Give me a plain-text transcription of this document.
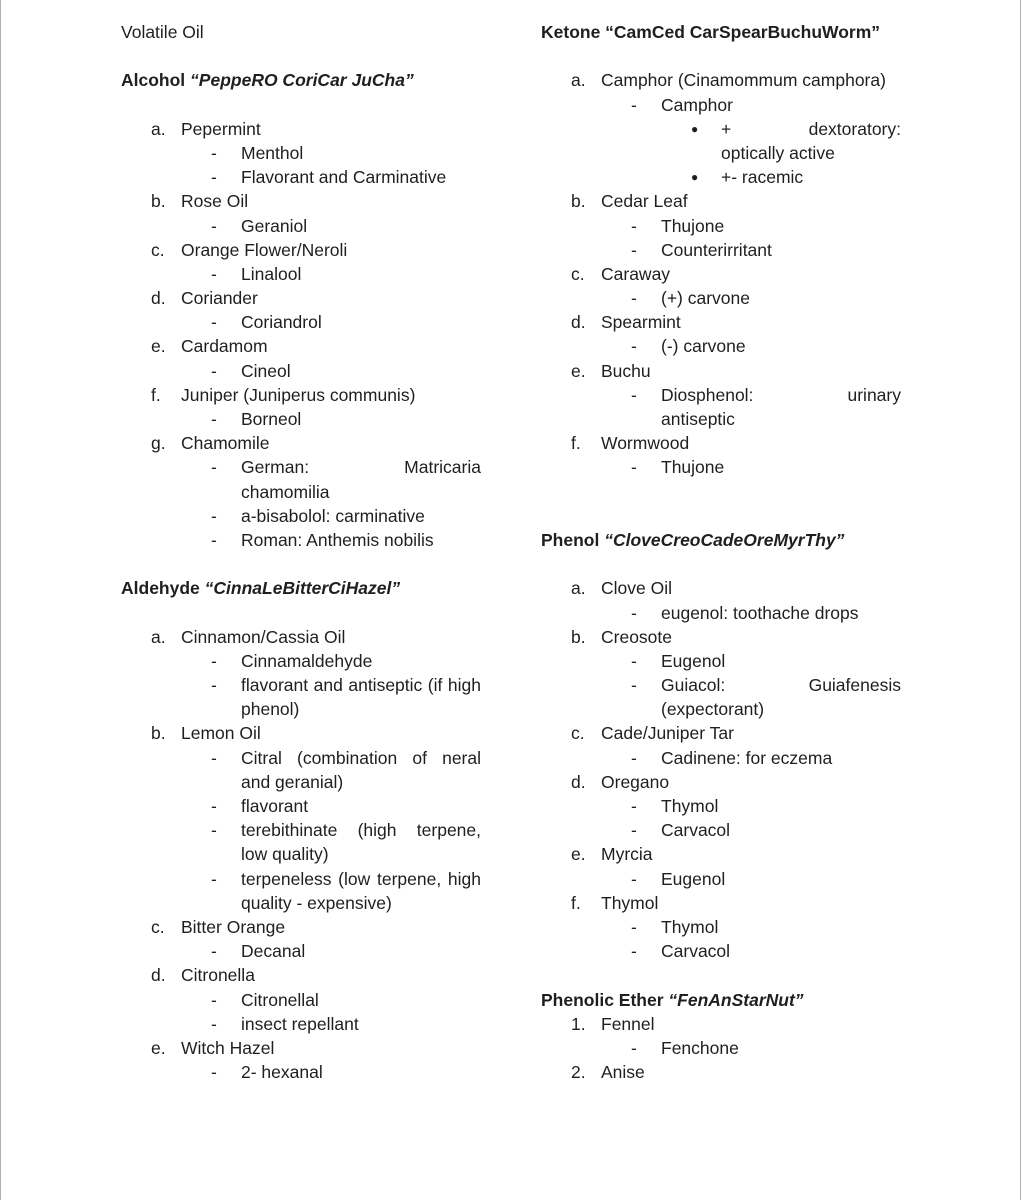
Volatile Oil
Alcohol “PeppeRO CoriCar JuCha”
a. Pepermint
- Menthol
- Flavorant and Carminative
b. Rose Oil
- Geraniol
c. Orange Flower/Neroli
- Linalool
d. Coriander
- Coriandrol
e. Cardamom
- Cineol
f.	Juniper (Juniperus communis)
- Borneol
g. Chamomile
- German:	Matricaria
chamomilia
- a-bisabolol: carminative
- Roman: Anthemis nobilis
Aldehyde “CinnaLeBitterCiHazel”
a. Cinnamon/Cassia Oil
- Cinnamaldehyde
- flavorant and antiseptic (if high phenol)
b. Lemon Oil
- Citral (combination of neral and geranial)
- flavorant
- terebithinate (high terpene, low quality)
- terpeneless (low terpene, high quality - expensive)
c. Bitter Orange
- Decanal
d. Citronella
- Citronellal
- insect repellant
e. Witch Hazel
- 2- hexanal
Ketone “CamCed CarSpearBuchuWorm”
a. Camphor (Cinamommum camphora)
- Camphor
● +	dextoratory:
optically active
● +- racemic
b. Cedar Leaf
- Thujone
- Counterirritant
c. Caraway
- (+) carvone
d. Spearmint
- (-) carvone
e. Buchu
- Diosphenol:	urinary
antiseptic
f.	Wormwood
- Thujone
Phenol “CloveCreoCadeOreMyrThy”
a. Clove Oil
- eugenol: toothache drops
b. Creosote
- Eugenol
- Guiacol:	Guiafenesis
(expectorant)
c. Cade/Juniper Tar
- Cadinene: for eczema
d. Oregano
- Thymol
- Carvacol
e. Myrcia
- Eugenol
f.	Thymol
- Thymol
- Carvacol
Phenolic Ether “FenAnStarNut”
1. Fennel
- Fenchone
2. Anise
